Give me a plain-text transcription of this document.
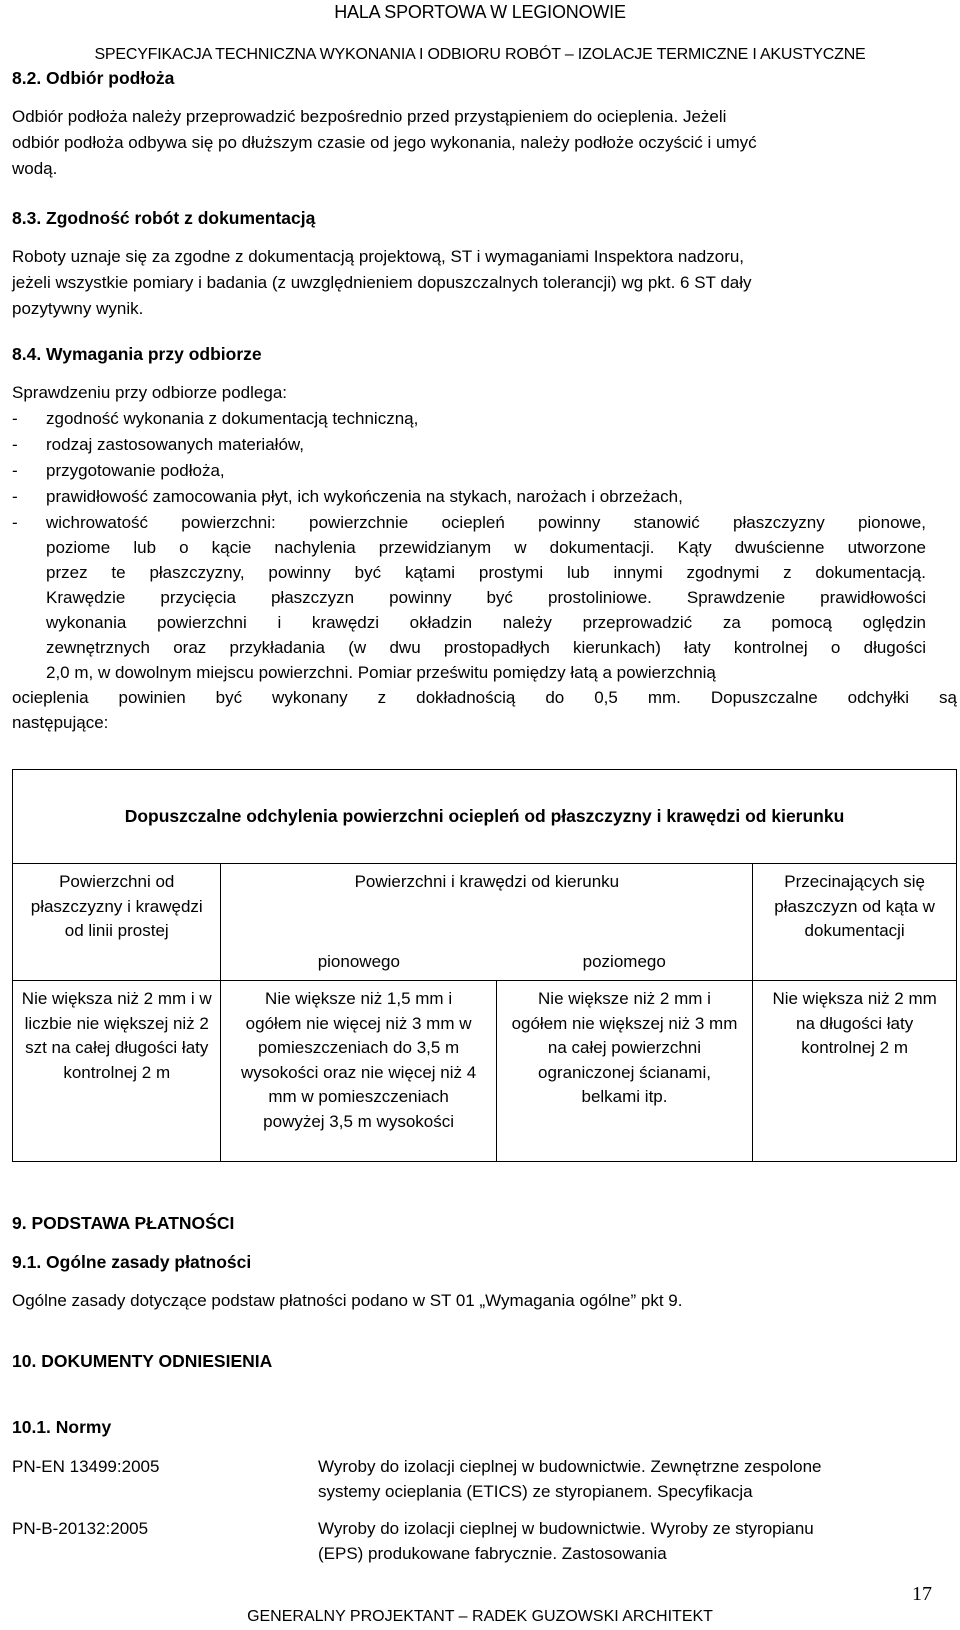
HALA SPORTOWA W LEGIONOWIE
SPECYFIKACJA TECHNICZNA WYKONANIA I ODBIORU ROBÓT – IZOLACJE TERMICZNE I AKUSTYCZNE
8.2. Odbiór podłoża
Odbiór podłoża należy przeprowadzić bezpośrednio przed przystąpieniem do ocieplenia. Jeżeli
odbiór podłoża odbywa się po dłuższym czasie od jego wykonania, należy podłoże oczyścić i umyć
wodą.
8.3. Zgodność robót z dokumentacją
Roboty uznaje się za zgodne z dokumentacją projektową, ST i wymaganiami Inspektora nadzoru,
jeżeli wszystkie pomiary i badania (z uwzględnieniem dopuszczalnych tolerancji) wg pkt. 6 ST dały
pozytywny wynik.
8.4. Wymagania przy odbiorze
Sprawdzeniu przy odbiorze podlega:
- zgodność wykonania z dokumentacją techniczną,
- rodzaj zastosowanych materiałów,
- przygotowanie podłoża,
- prawidłowość zamocowania płyt, ich wykończenia na stykach, narożach i obrzeżach,
- wichrowatość powierzchni: powierzchnie ociepleń powinny stanowić płaszczyzny pionowe,
poziome lub o kącie nachylenia przewidzianym w dokumentacji. Kąty dwuścienne utworzone
przez te płaszczyzny, powinny być kątami prostymi lub innymi zgodnymi z dokumentacją.
Krawędzie przycięcia płaszczyzn powinny być prostoliniowe. Sprawdzenie prawidłowości
wykonania powierzchni i krawędzi okładzin należy przeprowadzić za pomocą oględzin
zewnętrznych oraz przykładania (w dwu prostopadłych kierunkach) łaty kontrolnej o długości
2,0 m, w dowolnym miejscu powierzchni. Pomiar prześwitu pomiędzy łatą a powierzchnią
ocieplenia powinien być wykonany z dokładnością do 0,5 mm. Dopuszczalne odchyłki są
następujące:
Dopuszczalne odchylenia powierzchni ociepleń od płaszczyzny i krawędzi od kierunku			
Powierzchni od płaszczyzny i krawędzi od linii prostej	Powierzchni i krawędzi od kierunku		Przecinających się płaszczyzn od kąta w dokumentacji
	pionowego	poziomego	
Nie większa niż 2 mm i w liczbie nie większej niż 2 szt na całej długości łaty kontrolnej 2 m	Nie większe niż 1,5 mm i ogółem nie więcej niż 3 mm w pomieszczeniach do 3,5 m wysokości oraz nie więcej niż 4 mm w pomieszczeniach powyżej 3,5 m wysokości	Nie większe niż 2 mm i ogółem nie większej niż 3 mm na całej powierzchni ograniczonej ścianami, belkami itp.	Nie większa niż 2 mm na długości łaty kontrolnej 2 m
9. PODSTAWA PŁATNOŚCI
9.1. Ogólne zasady płatności
Ogólne zasady dotyczące podstaw płatności podano w ST 01 „Wymagania ogólne” pkt 9.
10. DOKUMENTY ODNIESIENIA
10.1. Normy
PN-EN 13499:2005	Wyroby do izolacji cieplnej w budownictwie. Zewnętrzne zespolone
systemy ocieplania (ETICS) ze styropianem. Specyfikacja
PN-B-20132:2005	Wyroby do izolacji cieplnej w budownictwie. Wyroby ze styropianu
(EPS) produkowane fabrycznie. Zastosowania
17
GENERALNY PROJEKTANT – RADEK GUZOWSKI ARCHITEKT
